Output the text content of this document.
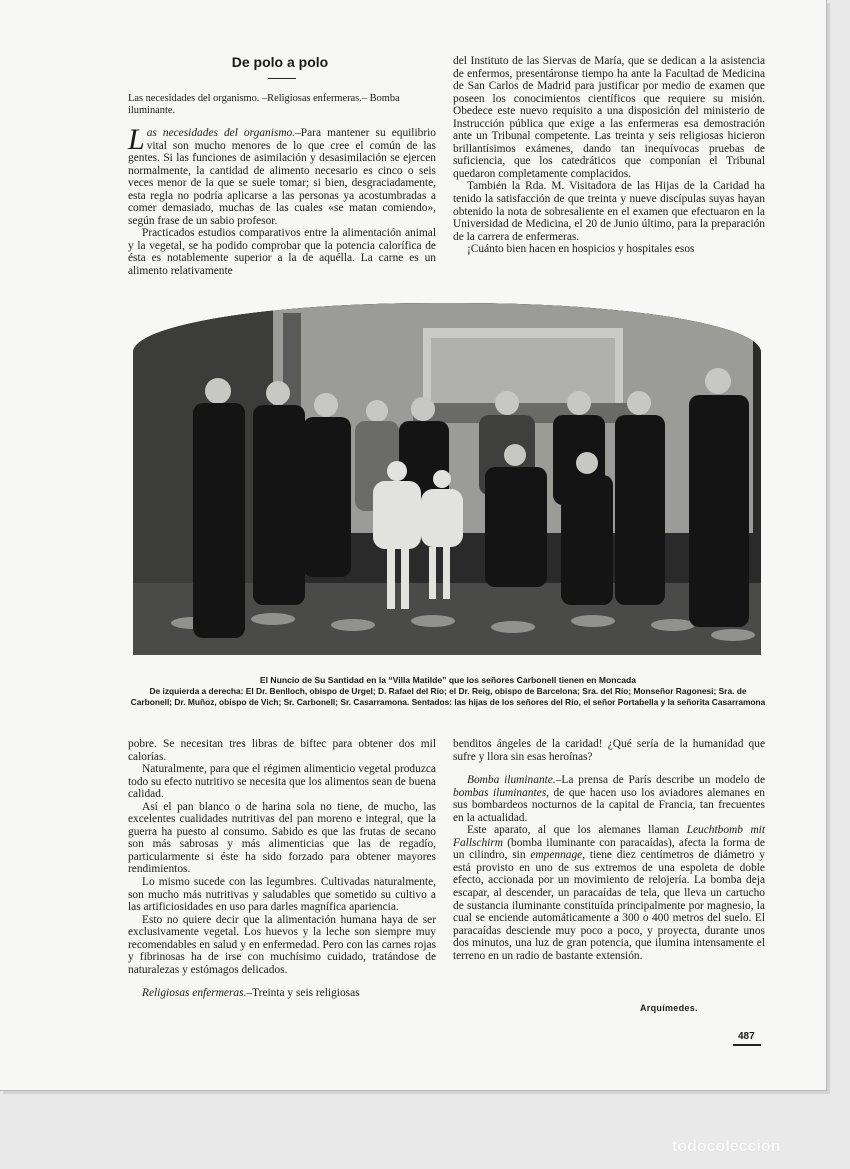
De polo a polo
Las necesidades del organismo. –Religiosas enfermeras.– Bomba iluminante.

Las necesidades del organismo.–Para mantener su equilibrio vital son mucho menores de lo que cree el común de las gentes. Si las funciones de asimilación y desasimilación se ejercen normalmente, la cantidad de alimento necesario es cinco o seis veces menor de la que se suele tomar; si bien, desgraciadamente, esta regla no podría aplicarse a las personas ya acostumbradas a comer demasiado, muchas de las cuales «se matan comiendo», según frase de un sabio profesor.

Practicados estudios comparativos entre la alimentación animal y la vegetal, se ha podido comprobar que la potencia calorífica de ésta es notablemente superior a la de aquélla. La carne es un alimento relativamente

del Instituto de las Siervas de María, que se dedican a la asistencia de enfermos, presentáronse tiempo ha ante la Facultad de Medicina de San Carlos de Madrid para justificar por medio de examen que poseen los conocimientos científicos que requiere su misión. Obedece este nuevo requisito a una disposición del ministerio de Instrucción pública que exige a las enfermeras esa demostración ante un Tribunal competente. Las treinta y seis religiosas hicieron brillantísimos exámenes, dando tan inequívocas pruebas de suficiencia, que los catedráticos que componían el Tribunal quedaron completamente complacidos.

También la Rda. M. Visitadora de las Hijas de la Caridad ha tenido la satisfacción de que treinta y nueve discípulas suyas hayan obtenido la nota de sobresaliente en el examen que efectuaron en la Universidad de Medicina, el 20 de Junio último, para la preparación de la carrera de enfermeras.

¡Cuánto bien hacen en hospicios y hospitales esos

El Nuncio de Su Santidad en la “Villa Matilde” que los señores Carbonell tienen en Moncada
De izquierda a derecha: El Dr. Benlloch, obispo de Urgel; D. Rafael del Río; el Dr. Reig, obispo de Barcelona; Sra. del Río; Monseñor Ragonesi; Sra. de Carbonell; Dr. Muñoz, obispo de Vich; Sr. Carbonell; Sr. Casarramona. Sentados: las hijas de los señores del Río, el señor Portabella y la señorita Casarramona

pobre. Se necesitan tres libras de biftec para obtener dos mil calorías.

Naturalmente, para que el régimen alimenticio vegetal produzca todo su efecto nutritivo se necesita que los alimentos sean de buena calidad.

Así el pan blanco o de harina sola no tiene, de mucho, las excelentes cualidades nutritivas del pan moreno e integral, que la guerra ha puesto al consumo. Sabido es que las frutas de secano son más sabrosas y más alimenticias que las de regadío, particularmente si éste ha sido forzado para obtener mayores rendimientos.

Lo mismo sucede con las legumbres. Cultivadas naturalmente, son mucho más nutritivas y saludables que sometido su cultivo a las artificiosidades en uso para darles magnífica apariencia.

Esto no quiere decir que la alimentación humana haya de ser exclusivamente vegetal. Los huevos y la leche son siempre muy recomendables en salud y en enfermedad. Pero con las carnes rojas y fibrinosas ha de irse con muchísimo cuidado, tratándose de naturalezas y estómagos delicados.

Religiosas enfermeras.–Treinta y seis religiosas

benditos ángeles de la caridad! ¿Qué sería de la humanidad que sufre y llora sin esas heroínas?

Bomba iluminante.–La prensa de París describe un modelo de bombas iluminantes, de que hacen uso los aviadores alemanes en sus bombardeos nocturnos de la capital de Francia, tan frecuentes en la actualidad.

Este aparato, al que los alemanes llaman Leuchtbomb mit Fallschirm (bomba iluminante con paracaídas), afecta la forma de un cilindro, sin empennage, tiene diez centímetros de diámetro y está provisto en uno de sus extremos de una espoleta de doble efecto, accionada por un movimiento de relojería. La bomba deja escapar, al descender, un paracaídas de tela, que lleva un cartucho de sustancia iluminante constituída principalmente por magnesio, la cual se enciende automáticamente a 300 o 400 metros del suelo. El paracaídas desciende muy poco a poco, y proyecta, durante unos dos minutos, una luz de gran potencia, que ilumina intensamente el terreno en un radio de bastante extensión.

Arquímedes.
487
todocoleccion
